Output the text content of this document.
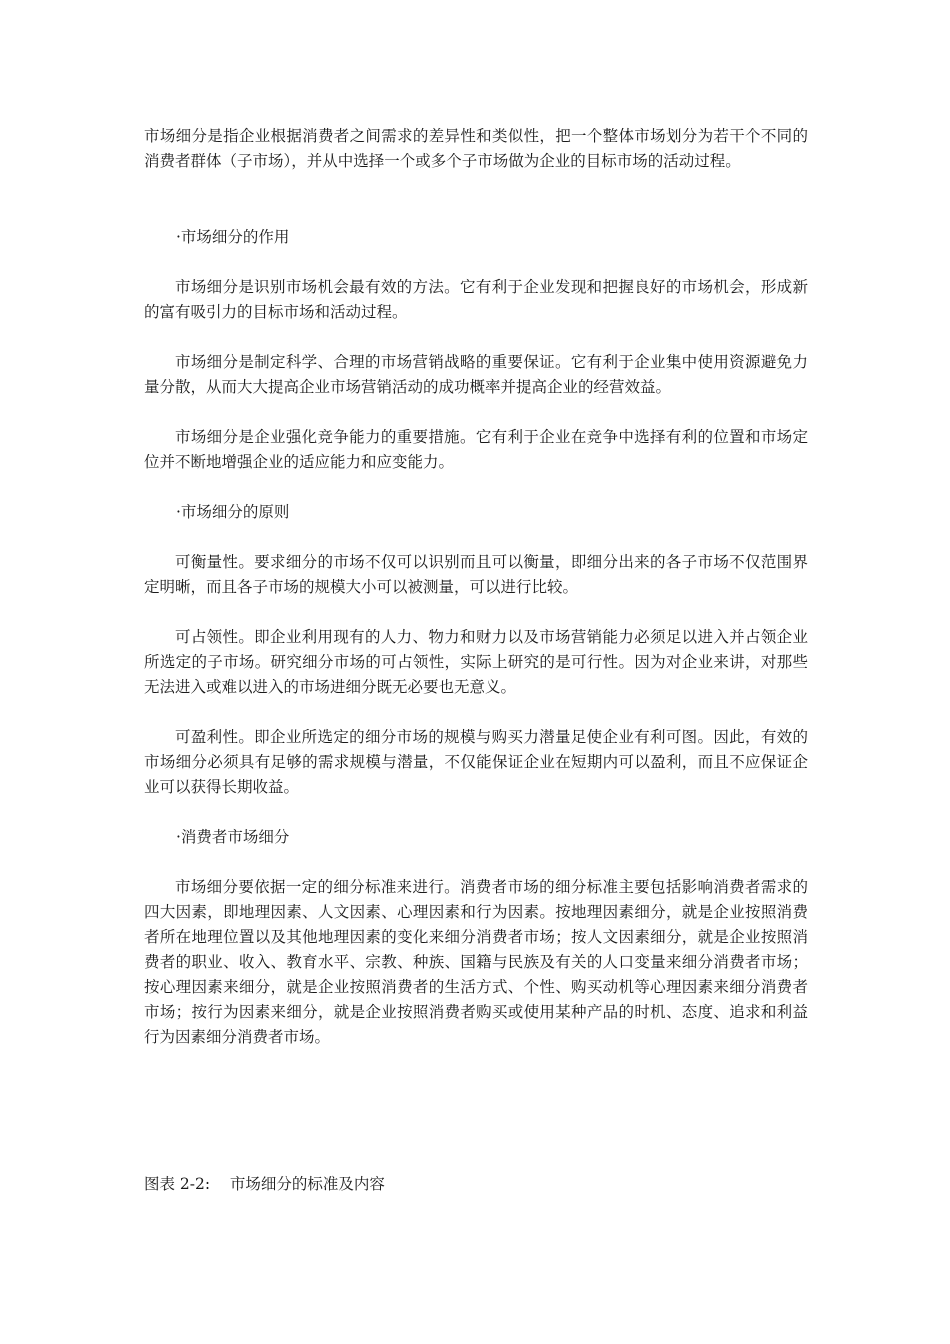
市场细分是指企业根据消费者之间需求的差异性和类似性，把一个整体市场划分为若干个不同的消费者群体（子市场），并从中选择一个或多个子市场做为企业的目标市场的活动过程。

·市场细分的作用

市场细分是识别市场机会最有效的方法。它有利于企业发现和把握良好的市场机会，形成新的富有吸引力的目标市场和活动过程。

市场细分是制定科学、合理的市场营销战略的重要保证。它有利于企业集中使用资源避免力量分散，从而大大提高企业市场营销活动的成功概率并提高企业的经营效益。

市场细分是企业强化竞争能力的重要措施。它有利于企业在竞争中选择有利的位置和市场定位并不断地增强企业的适应能力和应变能力。

·市场细分的原则

可衡量性。要求细分的市场不仅可以识别而且可以衡量，即细分出来的各子市场不仅范围界定明晰，而且各子市场的规模大小可以被测量，可以进行比较。

可占领性。即企业利用现有的人力、物力和财力以及市场营销能力必须足以进入并占领企业所选定的子市场。研究细分市场的可占领性，实际上研究的是可行性。因为对企业来讲，对那些无法进入或难以进入的市场进细分既无必要也无意义。

可盈利性。即企业所选定的细分市场的规模与购买力潜量足使企业有利可图。因此，有效的市场细分必须具有足够的需求规模与潜量，不仅能保证企业在短期内可以盈利，而且不应保证企业可以获得长期收益。

·消费者市场细分

市场细分要依据一定的细分标准来进行。消费者市场的细分标准主要包括影响消费者需求的四大因素，即地理因素、人文因素、心理因素和行为因素。按地理因素细分，就是企业按照消费者所在地理位置以及其他地理因素的变化来细分消费者市场；按人文因素细分，就是企业按照消费者的职业、收入、教育水平、宗教、种族、国籍与民族及有关的人口变量来细分消费者市场；按心理因素来细分，就是企业按照消费者的生活方式、个性、购买动机等心理因素来细分消费者市场；按行为因素来细分，就是企业按照消费者购买或使用某种产品的时机、态度、追求和利益行为因素细分消费者市场。

图表 2-2:    市场细分的标准及内容
